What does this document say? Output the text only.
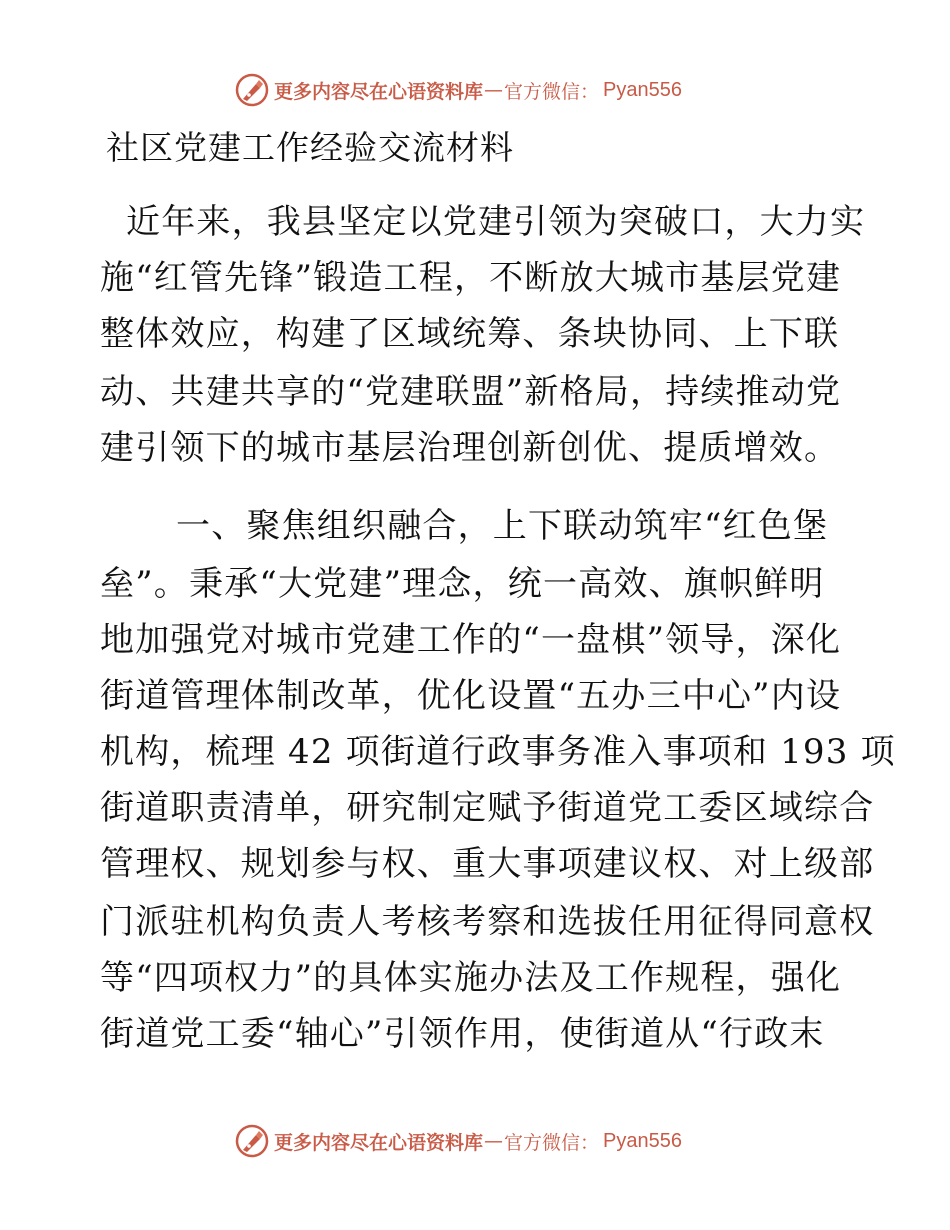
更多内容尽在心语资料库 — 官方微信 ： Pyan556
社区党建工作经验交流材料
近年来，我县坚定以党建引领为突破口，大力实
施“红管先锋”锻造工程，不断放大城市基层党建
整体效应，构建了区域统筹、条块协同、上下联
动、共建共享的“党建联盟”新格局，持续推动党
建引领下的城市基层治理创新创优、提质增效。
一、聚焦组织融合，上下联动筑牢“红色堡
垒”。秉承“大党建”理念，统一高效、旗帜鲜明
地加强党对城市党建工作的“一盘棋”领导，深化
街道管理体制改革，优化设置“五办三中心”内设
机构，梳理 42 项街道行政事务准入事项和 193 项
街道职责清单，研究制定赋予街道党工委区域综合
管理权、规划参与权、重大事项建议权、对上级部
门派驻机构负责人考核考察和选拔任用征得同意权
等“四项权力”的具体实施办法及工作规程，强化
街道党工委“轴心”引领作用，使街道从“行政末
更多内容尽在心语资料库 — 官方微信 ： Pyan556
